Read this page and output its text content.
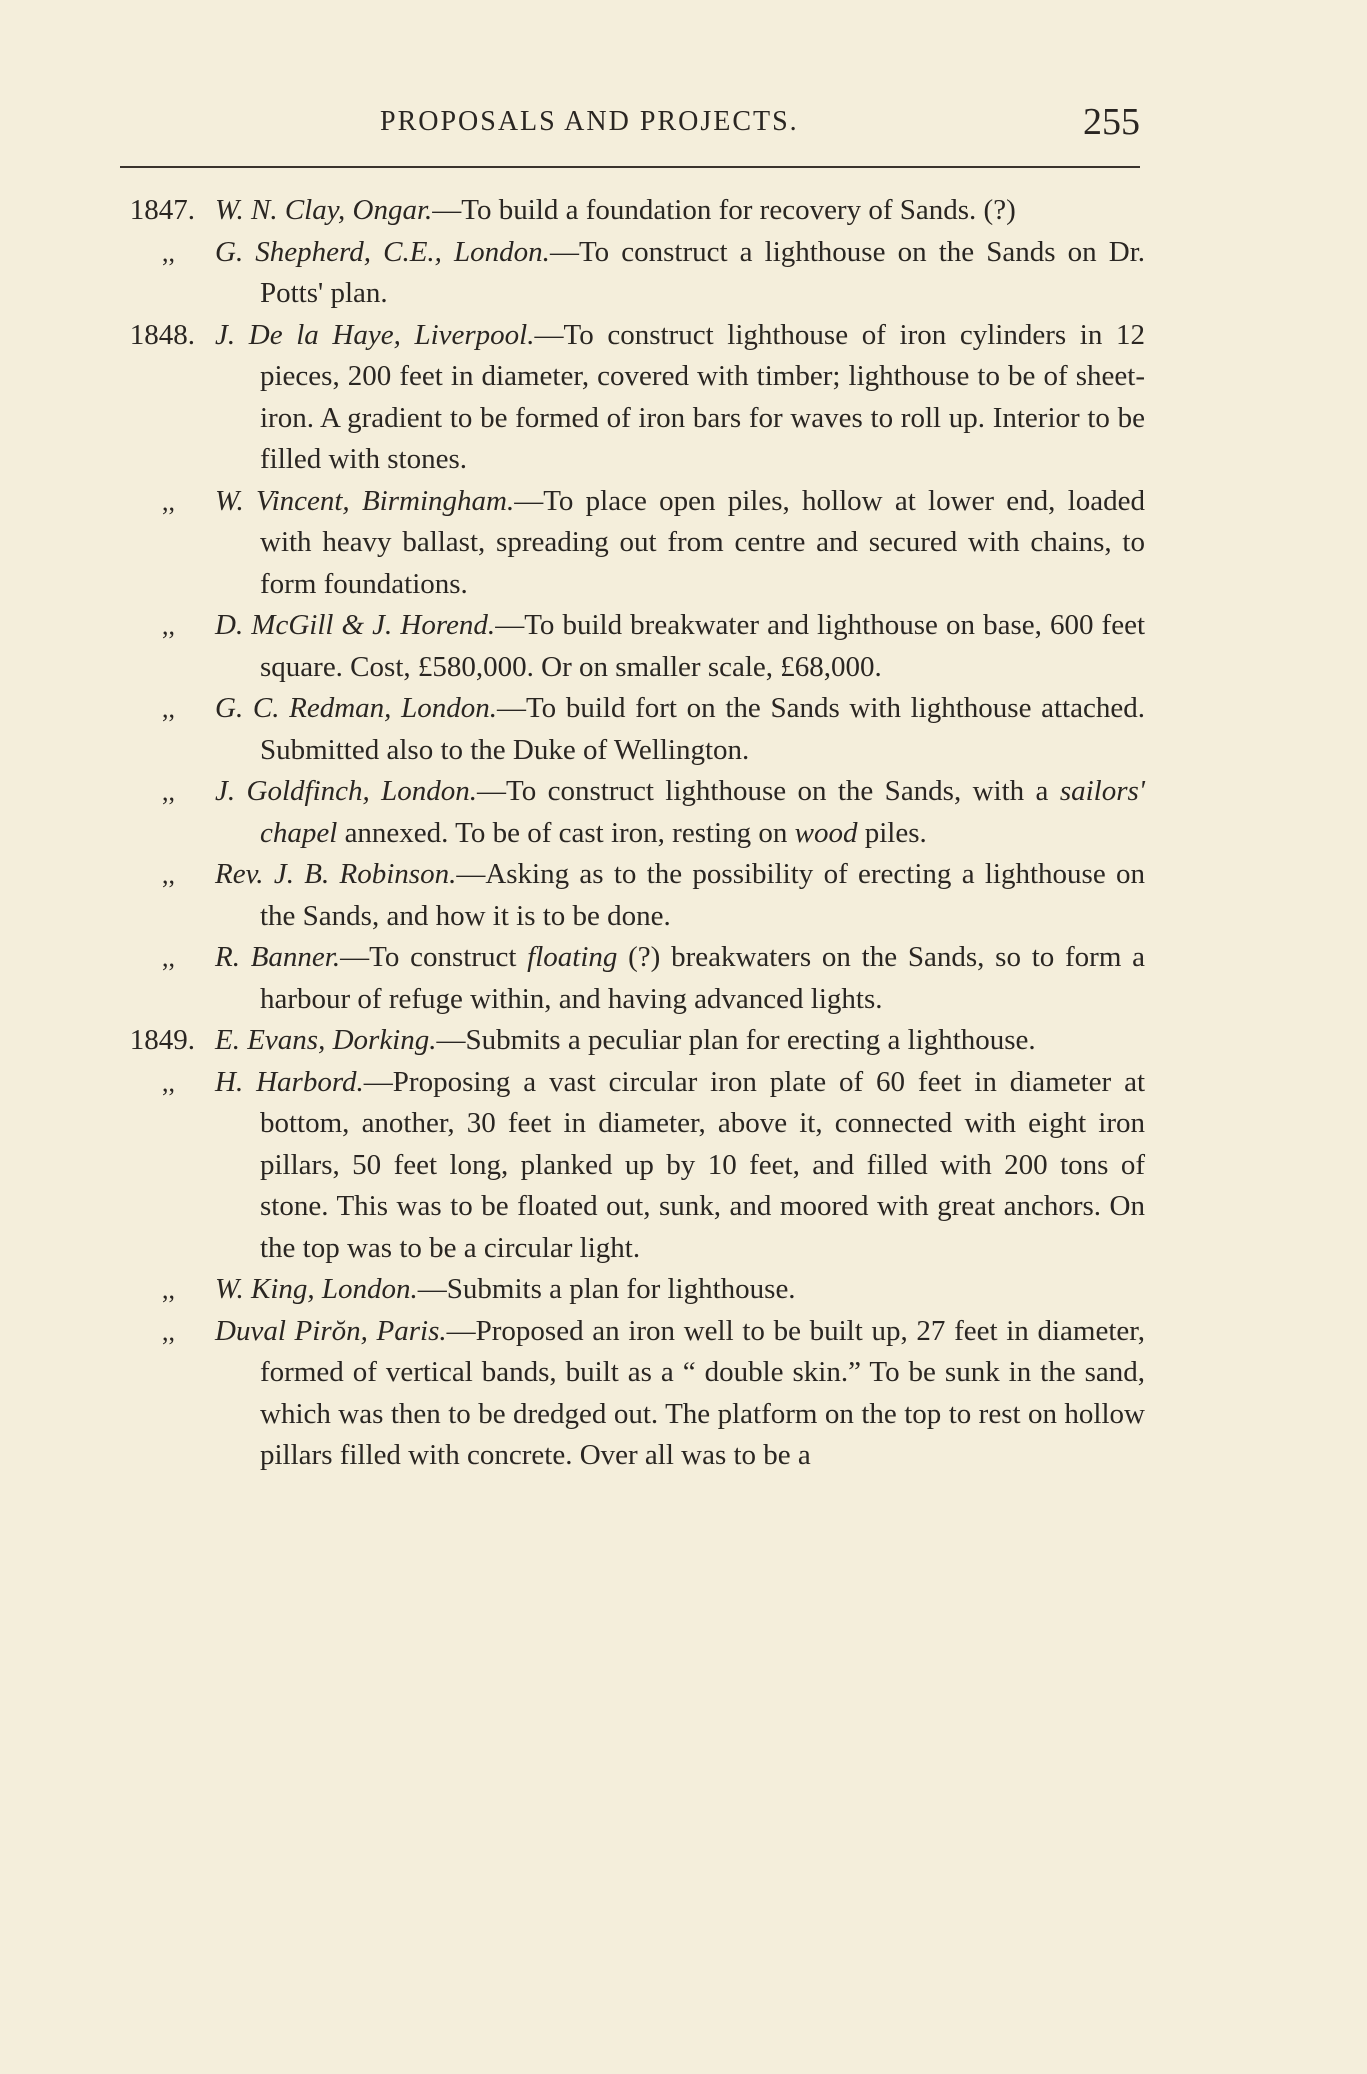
PROPOSALS AND PROJECTS.	255
1847. W. N. Clay, Ongar.—To build a foundation for recovery of Sands. (?)
,, G. Shepherd, C.E., London.—To construct a lighthouse on the Sands on Dr. Potts' plan.
1848. J. De la Haye, Liverpool.—To construct lighthouse of iron cylinders in 12 pieces, 200 feet in diameter, covered with timber; lighthouse to be of sheet-iron. A gradient to be formed of iron bars for waves to roll up. Interior to be filled with stones.
,, W. Vincent, Birmingham.—To place open piles, hollow at lower end, loaded with heavy ballast, spreading out from centre and secured with chains, to form foundations.
,, D. McGill & J. Horend.—To build breakwater and lighthouse on base, 600 feet square. Cost, £580,000. Or on smaller scale, £68,000.
,, G. C. Redman, London.—To build fort on the Sands with lighthouse attached. Submitted also to the Duke of Wellington.
,, J. Goldfinch, London.—To construct lighthouse on the Sands, with a sailors' chapel annexed. To be of cast iron, resting on wood piles.
,, Rev. J. B. Robinson.—Asking as to the possibility of erecting a lighthouse on the Sands, and how it is to be done.
,, R. Banner.—To construct floating (?) breakwaters on the Sands, so to form a harbour of refuge within, and having advanced lights.
1849. E. Evans, Dorking.—Submits a peculiar plan for erecting a lighthouse.
,, H. Harbord.—Proposing a vast circular iron plate of 60 feet in diameter at bottom, another, 30 feet in diameter, above it, connected with eight iron pillars, 50 feet long, planked up by 10 feet, and filled with 200 tons of stone. This was to be floated out, sunk, and moored with great anchors. On the top was to be a circular light.
,, W. King, London.—Submits a plan for lighthouse.
,, Duval Pirŏn, Paris.—Proposed an iron well to be built up, 27 feet in diameter, formed of vertical bands, built as a “ double skin.” To be sunk in the sand, which was then to be dredged out. The platform on the top to rest on hollow pillars filled with concrete. Over all was to be a
